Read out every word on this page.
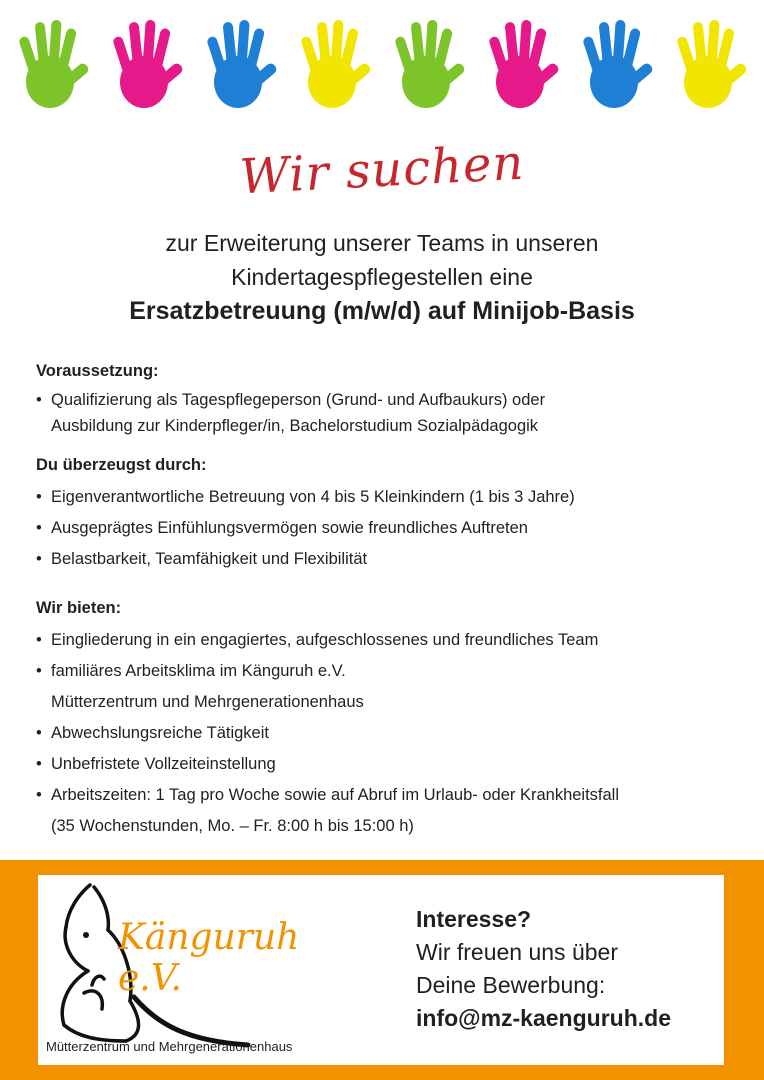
Wir suchen
zur Erweiterung unserer Teams in unseren
Kindertagespflegestellen eine
Ersatzbetreuung (m/w/d) auf Minijob-Basis
Voraussetzung:
• Qualifizierung als Tagespflegeperson (Grund- und Aufbaukurs) oder
Ausbildung zur Kinderpfleger/in, Bachelorstudium Sozialpädagogik
Du überzeugst durch:
• Eigenverantwortliche Betreuung von 4 bis 5 Kleinkindern (1 bis 3 Jahre)
• Ausgeprägtes Einfühlungsvermögen sowie freundliches Auftreten
• Belastbarkeit, Teamfähigkeit und Flexibilität
Wir bieten:
• Eingliederung in ein engagiertes, aufgeschlossenes und freundliches Team
• familiäres Arbeitsklima im Känguruh e.V.
Mütterzentrum und Mehrgenerationenhaus
• Abwechslungsreiche Tätigkeit
• Unbefristete Vollzeiteinstellung
• Arbeitszeiten: 1 Tag pro Woche sowie auf Abruf im Urlaub- oder Krankheitsfall
(35 Wochenstunden, Mo. – Fr. 8:00 h bis 15:00 h)
Känguruh e.V.
Mütterzentrum und Mehrgenerationenhaus
Interesse?
Wir freuen uns über
Deine Bewerbung:
info@mz-kaenguruh.de
